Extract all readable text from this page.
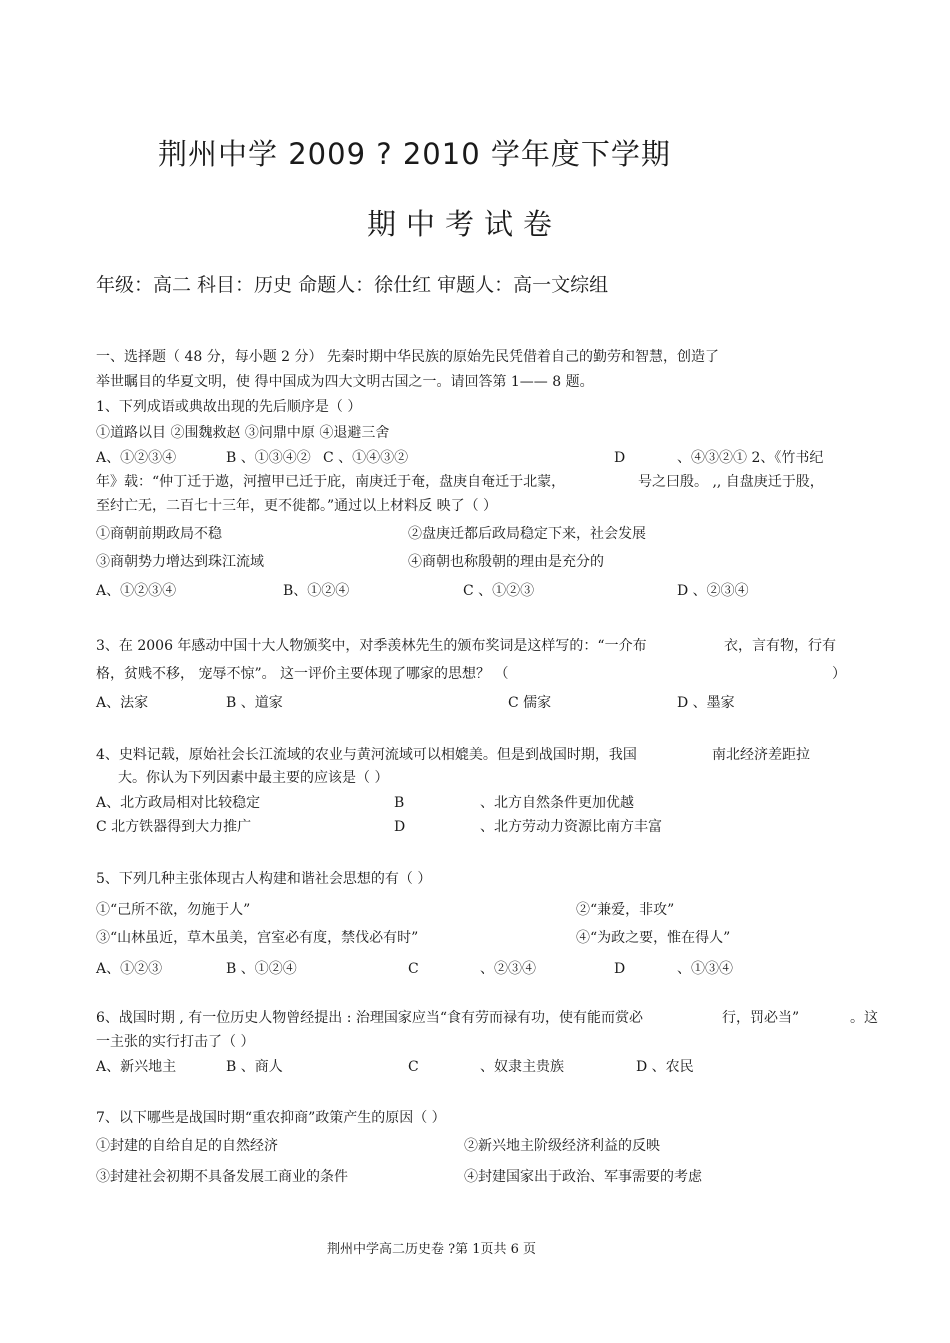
荆州中学 2009 ? 2010 学年度下学期
期中考试卷
年级：高二 科目：历史 命题人：徐仕红 审题人：高一文综组
一、选择题（ 48 分，每小题 2 分） 先秦时期中华民族的原始先民凭借着自己的勤劳和智慧，创造了
举世瞩目的华夏文明，使 得中国成为四大文明古国之一。请回答第 1—— 8 题。
1、下列成语或典故出现的先后顺序是（ ）
①道路以目 ②围魏救赵 ③问鼎中原 ④退避三舍
A、①②③④	B 、①③④② C 、①④③②	D	、④③②① 2、《竹书纪
年》载：“仲丁迁于遨，河擅甲已迁于庇，南庚迁于奄，盘庚自奄迁于北蒙，	号之曰殷。 ,, 自盘庚迁于股，
至纣亡无，二百七十三年，更不徙都。”通过以上材料反 映了（ ）
①商朝前期政局不稳	②盘庚迁都后政局稳定下来，社会发展
③商朝势力增达到珠江流域	④商朝也称殷朝的理由是充分的
A、①②③④	B、①②④	C 、①②③	D 、②③④
3、在 2006 年感动中国十大人物颁奖中，对季羡林先生的颁布奖词是这样写的：“一介布	衣，言有物，行有
格，贫贱不移， 宠辱不惊”。 这一评价主要体现了哪家的思想？ （	）
A、法家	B 、道家	C 儒家	D 、墨家
4、史料记载，原始社会长江流域的农业与黄河流域可以相媲美。但是到战国时期，我国	南北经济差距拉
大。你认为下列因素中最主要的应该是（ ）
A、北方政局相对比较稳定	B	、北方自然条件更加优越
C 北方铁器得到大力推广	D	、北方劳动力资源比南方丰富
5、下列几种主张体现古人构建和谐社会思想的有（ ）
①“己所不欲，勿施于人”	②“兼爱，非攻”
③“山林虽近，草木虽美，宫室必有度，禁伐必有时”	④“为政之要，惟在得人”
A、①②③	B 、①②④	C	、②③④	D	、①③④
6、战国时期 , 有一位历史人物曾经提出 : 治理国家应当“食有劳而禄有功，使有能而赏必	行，罚必当”	。这
一主张的实行打击了（ ）
A、新兴地主	B 、商人	C	、奴隶主贵族	D 、农民
7、以下哪些是战国时期“重农抑商”政策产生的原因（ ）
①封建的自给自足的自然经济	②新兴地主阶级经济利益的反映
③封建社会初期不具备发展工商业的条件	④封建国家出于政治、军事需要的考虑
荆州中学高二历史卷 ?第 1页共 6 页
